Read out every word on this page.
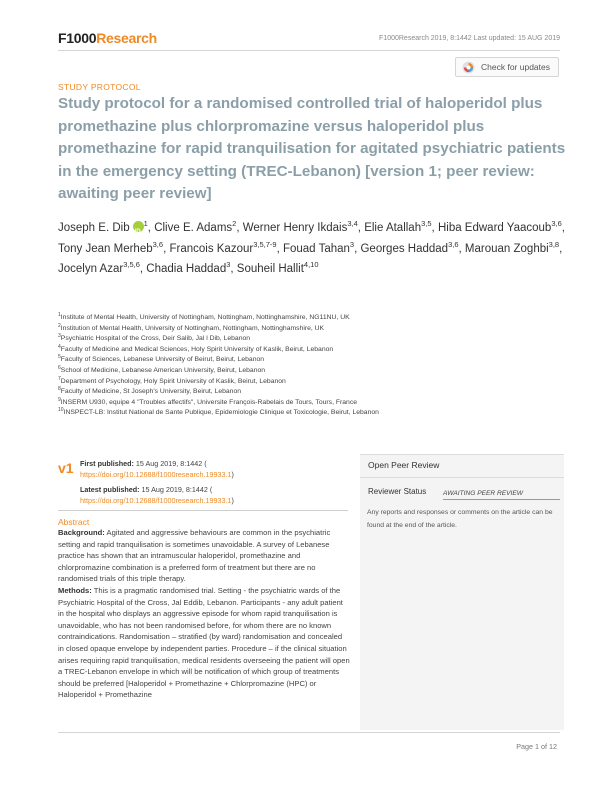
F1000Research	F1000Research 2019, 8:1442 Last updated: 15 AUG 2019
Check for updates
STUDY PROTOCOL
Study protocol for a randomised controlled trial of haloperidol plus promethazine plus chlorpromazine versus haloperidol plus promethazine for rapid tranquilisation for agitated psychiatric patients in the emergency setting (TREC-Lebanon) [version 1; peer review: awaiting peer review]
Joseph E. DibiD $^1$, Clive E. Adams$^2$, Werner Henry Ikdais$^{3,4}$, Elie Atallah$^{3,5}$, Hiba Edward Yaacoub$^{3,6}$, Tony Jean Merheb$^{3,6}$, Francois Kazour$^{3,5,7-9}$, Fouad Tahan$^3$, Georges Haddad$^{3,6}$, Marouan Zoghbi$^{3,8}$, Jocelyn Azar$^{3,5,6}$, Chadia Haddad$^3$, Souheil Hallit$^{4,10}$
$^1$Institute of Mental Health, University of Nottingham, Nottingham, Nottinghamshire, NG11NU, UK
$^2$Institution of Mental Health, University of Nottingham, Nottingham, Nottinghamshire, UK
$^3$Psychiatric Hospital of the Cross, Deir Salib, Jal l Dib, Lebanon
$^4$Faculty of Medicine and Medical Sciences, Holy Spirit University of Kaslik, Beirut, Lebanon
$^5$Faculty of Sciences, Lebanese University of Beirut, Beirut, Lebanon
$^6$School of Medicine, Lebanese American University, Beirut, Lebanon
$^7$Department of Psychology, Holy Spirit University of Kaslik, Beirut, Lebanon
$^8$Faculty of Medicine, St Joseph's University, Beirut, Lebanon
$^9$INSERM U930, equipe 4 "Troubles affectifs", Universite François-Rabelais de Tours, Tours, France
$^{10}$INSPECT-LB: Institut National de Sante Publique, Epidemiologie Clinique et Toxicologie, Beirut, Lebanon
v1 First published: 15 Aug 2019, 8:1442 (
https://doi.org/10.12688/f1000research.19933.1)
Latest published: 15 Aug 2019, 8:1442 (
https://doi.org/10.12688/f1000research.19933.1)
Abstract
Background: Agitated and aggressive behaviours are common in the psychiatric setting and rapid tranquilisation is sometimes unavoidable. A survey of Lebanese practice has shown that an intramuscular haloperidol, promethazine and chlorpromazine combination is a preferred form of treatment but there are no randomised trials of this triple therapy.
Methods: This is a pragmatic randomised trial. Setting - the psychiatric wards of the Psychiatric Hospital of the Cross, Jal Eddib, Lebanon. Participants - any adult patient in the hospital who displays an aggressive episode for whom rapid tranquilisation is unavoidable, who has not been randomised before, for whom there are no known contraindications. Randomisation – stratified (by ward) randomisation and concealed in closed opaque envelope by independent parties. Procedure – if the clinical situation arises requiring rapid tranquilisation, medical residents overseeing the patient will open a TREC-Lebanon envelope in which will be notification of which group of treatments should be preferred [Haloperidol + Promethazine + Chlorpromazine (HPC) or Haloperidol + Promethazine
Open Peer Review
Reviewer Status	AWAITING PEER REVIEW
Any reports and responses or comments on the article can be found at the end of the article.
Page 1 of 12
